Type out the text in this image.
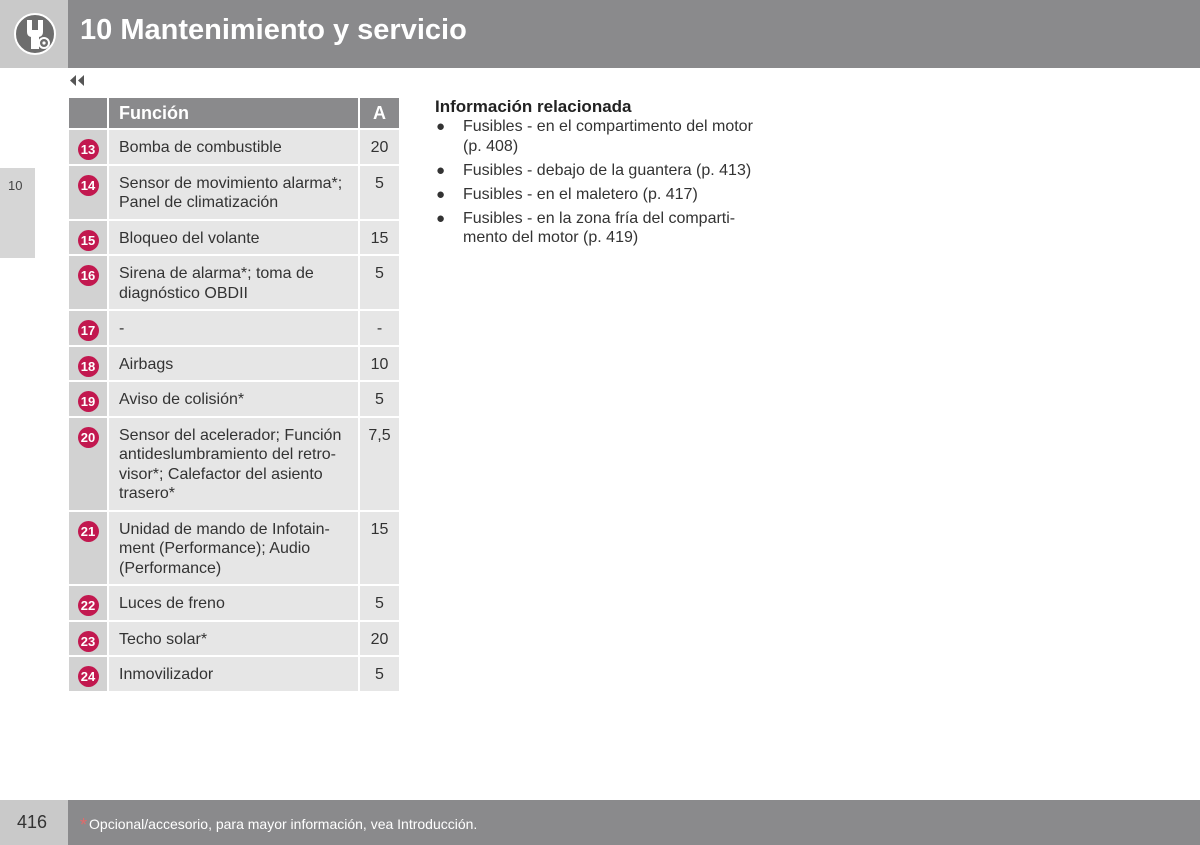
10 Mantenimiento y servicio
10
	Función	A
13	Bomba de combustible	20
14	Sensor de movimiento alarma*; Panel de climatización	5
15	Bloqueo del volante	15
16	Sirena de alarma*; toma de diagnóstico OBDII	5
17	-	-
18	Airbags	10
19	Aviso de colisión*	5
20	Sensor del acelerador; Función antideslumbramiento del retro-visor*; Calefactor del asiento trasero*	7,5
21	Unidad de mando de Infotain-ment (Performance); Audio (Performance)	15
22	Luces de freno	5
23	Techo solar*	20
24	Inmovilizador	5
Información relacionada
● Fusibles - en el compartimento del motor (p. 408)
● Fusibles - debajo de la guantera (p. 413)
● Fusibles - en el maletero (p. 417)
● Fusibles - en la zona fría del comparti-mento del motor (p. 419)
416 * Opcional/accesorio, para mayor información, vea Introducción.
